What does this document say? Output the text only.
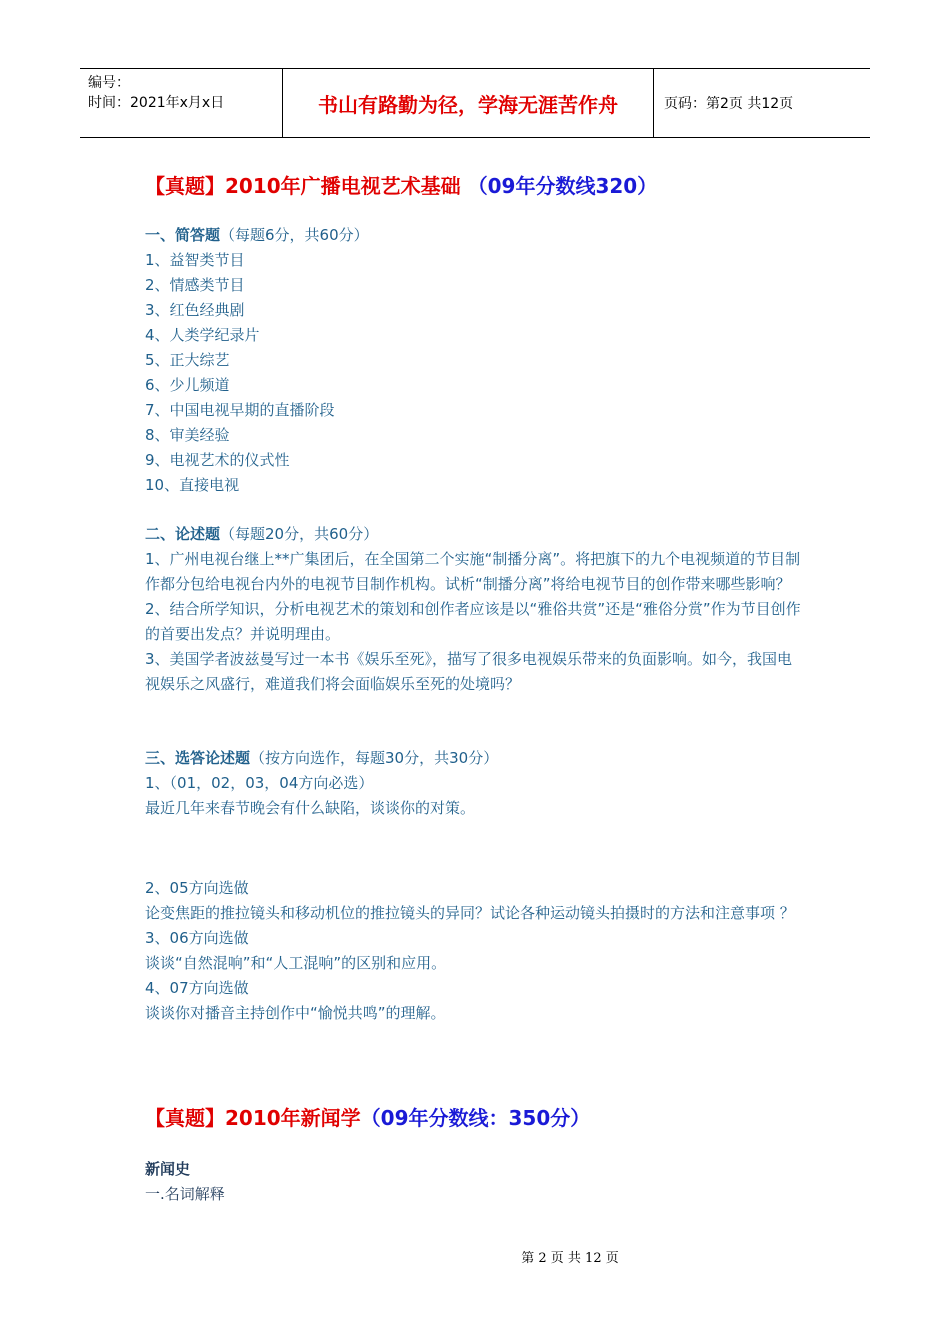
编号：
时间：2021年x月x日	书山有路勤为径，学海无涯苦作舟	页码：第2页 共12页
【真题】2010年广播电视艺术基础 （09年分数线320）
一、简答题（每题6分，共60分）
1、益智类节目
2、情感类节目
3、红色经典剧
4、人类学纪录片
5、正大综艺
6、少儿频道
7、中国电视早期的直播阶段
8、审美经验
9、电视艺术的仪式性
10、直接电视
二、论述题（每题20分，共60分）
1、广州电视台继上**广集团后，在全国第二个实施“制播分离”。将把旗下的九个电视频道的节目制作都分包给电视台内外的电视节目制作机构。试析“制播分离”将给电视节目的创作带来哪些影响？
2、结合所学知识，分析电视艺术的策划和创作者应该是以“雅俗共赏”还是“雅俗分赏”作为节目创作的首要出发点？并说明理由。
3、美国学者波兹曼写过一本书《娱乐至死》，描写了很多电视娱乐带来的负面影响。如今，我国电视娱乐之风盛行，难道我们将会面临娱乐至死的处境吗？
三、选答论述题（按方向选作，每题30分，共30分）
1、（01，02，03，04方向必选）
最近几年来春节晚会有什么缺陷，谈谈你的对策。
2、05方向选做
论变焦距的推拉镜头和移动机位的推拉镜头的异同？试论各种运动镜头拍摄时的方法和注意事项 ？
3、06方向选做
谈谈“自然混响”和“人工混响”的区别和应用。
4、07方向选做
谈谈你对播音主持创作中“愉悦共鸣”的理解。
【真题】2010年新闻学（09年分数线：350分）
新闻史
一.名词解释
第 2 页 共 12 页
